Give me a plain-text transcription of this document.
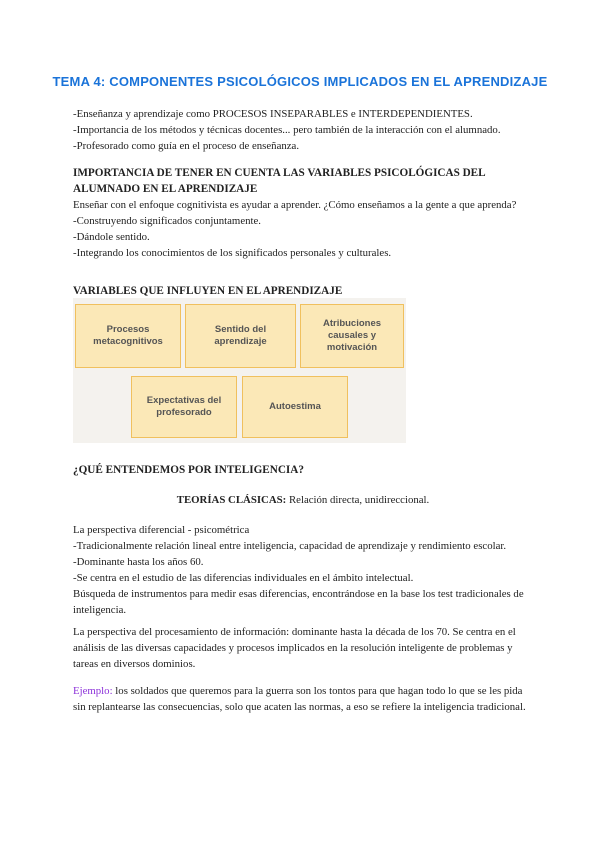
TEMA 4: COMPONENTES PSICOLÓGICOS IMPLICADOS EN EL APRENDIZAJE

-Enseñanza y aprendizaje como PROCESOS INSEPARABLES e INTERDEPENDIENTES.

-Importancia de los métodos y técnicas docentes... pero también de la interacción con el alumnado.

-Profesorado como guía en el proceso de enseñanza.

IMPORTANCIA DE TENER EN CUENTA LAS VARIABLES PSICOLÓGICAS DEL ALUMNADO EN EL APRENDIZAJE

Enseñar con el enfoque cognitivista es ayudar a aprender. ¿Cómo enseñamos a la gente a que aprenda?

-Construyendo significados conjuntamente.

-Dándole sentido.

-Integrando los conocimientos de los significados personales y culturales.

VARIABLES QUE INFLUYEN EN EL APRENDIZAJE

Procesos metacognitivos
Sentido del aprendizaje
Atribuciones causales y motivación
Expectativas del profesorado
Autoestima

¿QUÉ ENTENDEMOS POR INTELIGENCIA?

TEORÍAS CLÁSICAS: Relación directa, unidireccional.

La perspectiva diferencial - psicométrica

-Tradicionalmente relación lineal entre inteligencia, capacidad de aprendizaje y rendimiento escolar.

-Dominante hasta los años 60.

-Se centra en el estudio de las diferencias individuales en el ámbito intelectual.

Búsqueda de instrumentos para medir esas diferencias, encontrándose en la base los test tradicionales de inteligencia.

La perspectiva del procesamiento de información: dominante hasta la década de los 70. Se centra en el análisis de las diversas capacidades y procesos implicados en la resolución inteligente de problemas y tareas en diversos dominios.

Ejemplo: los soldados que queremos para la guerra son los tontos para que hagan todo lo que se les pida sin replantearse las consecuencias, solo que acaten las normas, a eso se refiere la inteligencia tradicional.
